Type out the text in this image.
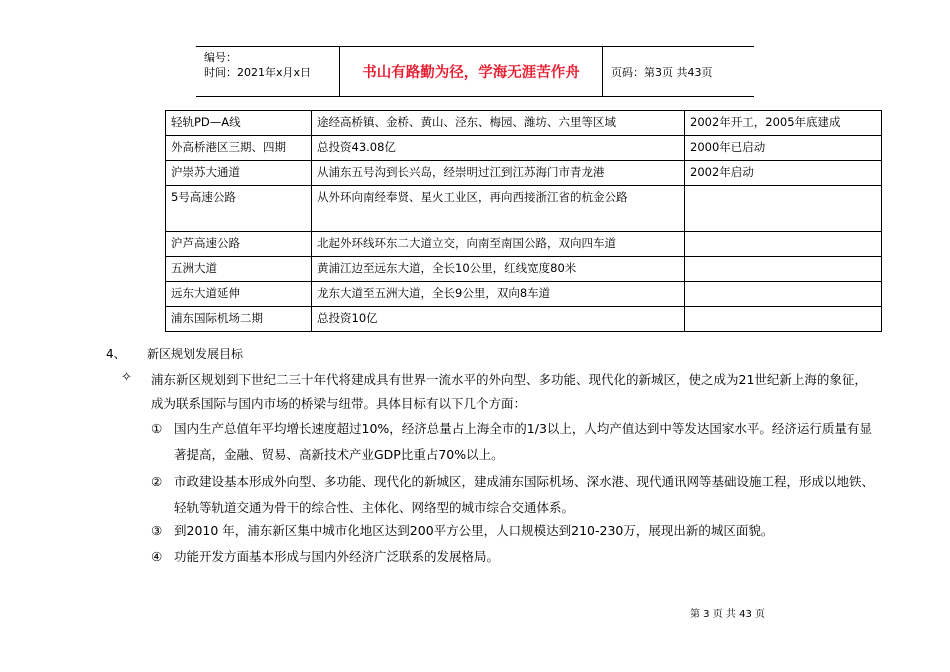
编号：
时间：2021年x月x日	书山有路勤为径，学海无涯苦作舟	页码：第3页 共43页
轻轨PD—A线	途经高桥镇、金桥、黄山、泾东、梅园、潍坊、六里等区域	2002年开工，2005年底建成
外高桥港区三期、四期	总投资43.08亿	2000年已启动
沪崇苏大通道	从浦东五号沟到长兴岛，经崇明过江到江苏海门市青龙港	2002年启动
5号高速公路	从外环向南经奉贤、星火工业区，再向西接浙江省的杭金公路	
沪芦高速公路	北起外环线环东二大道立交，向南至南国公路，双向四车道	
五洲大道	黄浦江边至远东大道，全长10公里，红线宽度80米	
远东大道延伸	龙东大道至五洲大道，全长9公里，双向8车道	
浦东国际机场二期	总投资10亿	
4、 新区规划发展目标
✧ 浦东新区规划到下世纪二三十年代将建成具有世界一流水平的外向型、多功能、现代化的新城区，使之成为21世纪新上海的象征，成为联系国际与国内市场的桥梁与纽带。具体目标有以下几个方面：
① 国内生产总值年平均增长速度超过10%，经济总量占上海全市的1/3以上，人均产值达到中等发达国家水平。经济运行质量有显著提高，金融、贸易、高新技术产业GDP比重占70%以上。
② 市政建设基本形成外向型、多功能、现代化的新城区，建成浦东国际机场、深水港、现代通讯网等基础设施工程，形成以地铁、轻轨等轨道交通为骨干的综合性、主体化、网络型的城市综合交通体系。
③ 到2010 年，浦东新区集中城市化地区达到200平方公里，人口规模达到210-230万，展现出新的城区面貌。
④ 功能开发方面基本形成与国内外经济广泛联系的发展格局。
第 3 页 共 43 页
